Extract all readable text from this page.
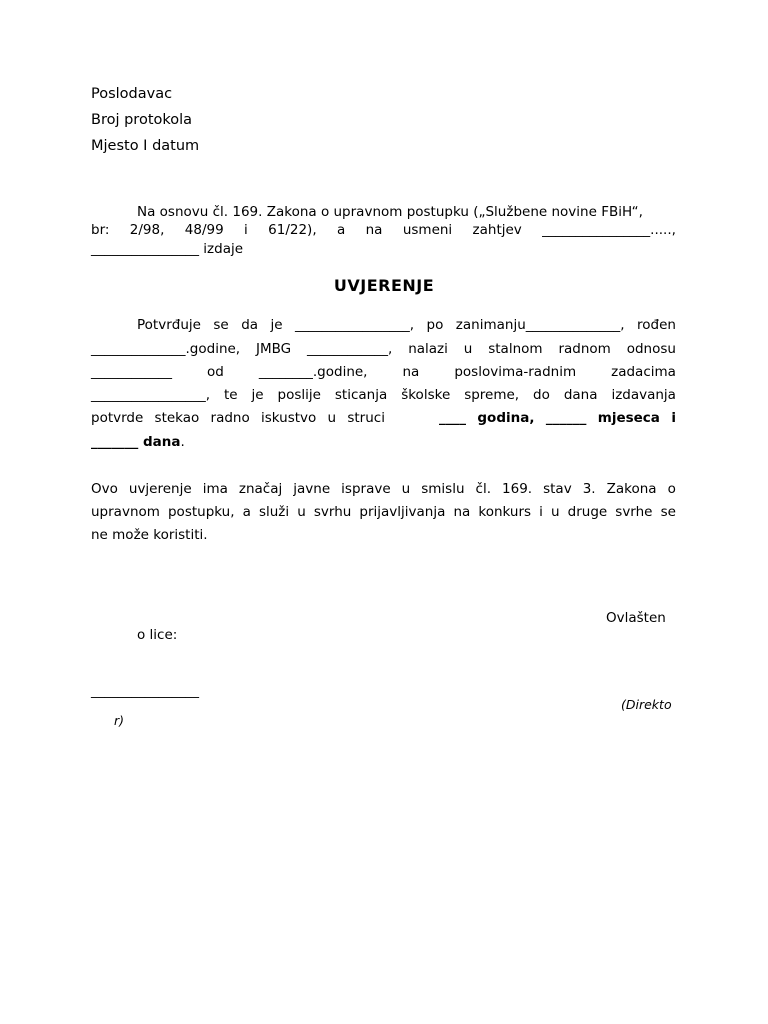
Poslodavac
Broj protokola
Mjesto I datum
Na osnovu čl. 169. Zakona o upravnom postupku („Službene novine FBiH“,
br: 2/98, 48/99 i 61/22), a na usmeni zahtjev ________________.....,
________________ izdaje
UVJERENJE
Potvrđuje se da je _________________, po zanimanju______________, rođen
______________.godine, JMBG ____________, nalazi u stalnom radnom odnosu
____________	od	________.godine,	na	poslovima-radnim	zadacima
_________________, te je poslije sticanja školske spreme, do dana izdavanja
potvrde stekao radno iskustvo u struci	____ godina, ______ mjeseca i
_______ dana.
Ovo uvjerenje ima značaj javne isprave u smislu čl. 169. stav 3. Zakona o
upravnom postupku, a služi u svrhu prijavljivanja na konkurs i u druge svrhe se
ne može koristiti.
Ovlašten
o lice:
________________
(Direkto
r)
